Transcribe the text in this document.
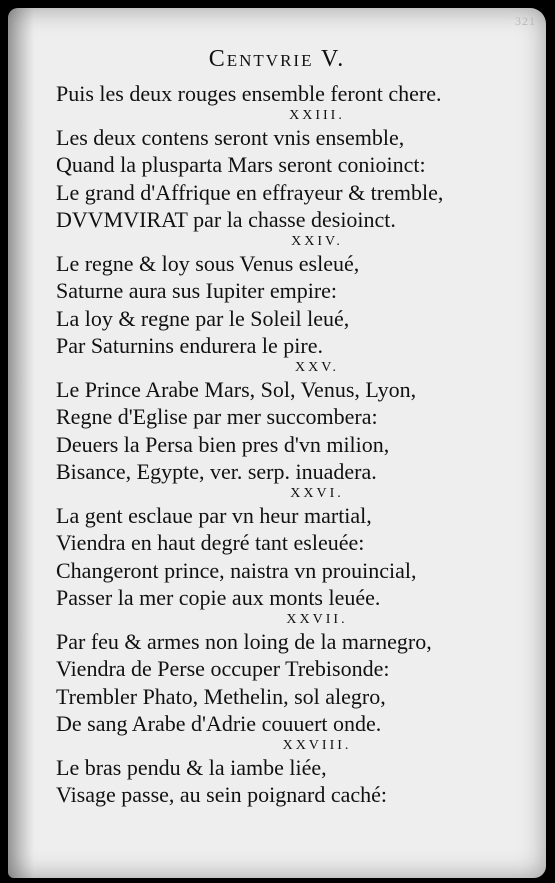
321
Centvrie V.
Puis les deux rouges ensemble feront chere.
XXIII.
Les deux contens seront vnis ensemble,
Quand la plusparta Mars seront conioinct:
Le grand d'Affrique en effrayeur & tremble,
DVVMVIRAT par la chasse desioinct.
XXIV.
Le regne & loy sous Venus esleué,
Saturne aura sus Iupiter empire:
La loy & regne par le Soleil leué,
Par Saturnins endurera le pire.
XXV.
Le Prince Arabe Mars, Sol, Venus, Lyon,
Regne d'Eglise par mer succombera:
Deuers la Persa bien pres d'vn milion,
Bisance, Egypte, ver. serp. inuadera.
XXVI.
La gent esclaue par vn heur martial,
Viendra en haut degré tant esleuée:
Changeront prince, naistra vn prouincial,
Passer la mer copie aux monts leuée.
XXVII.
Par feu & armes non loing de la marnegro,
Viendra de Perse occuper Trebisonde:
Trembler Phato, Methelin, sol alegro,
De sang Arabe d'Adrie couuert onde.
XXVIII.
Le bras pendu & la iambe liée,
Visage passe, au sein poignard caché:
